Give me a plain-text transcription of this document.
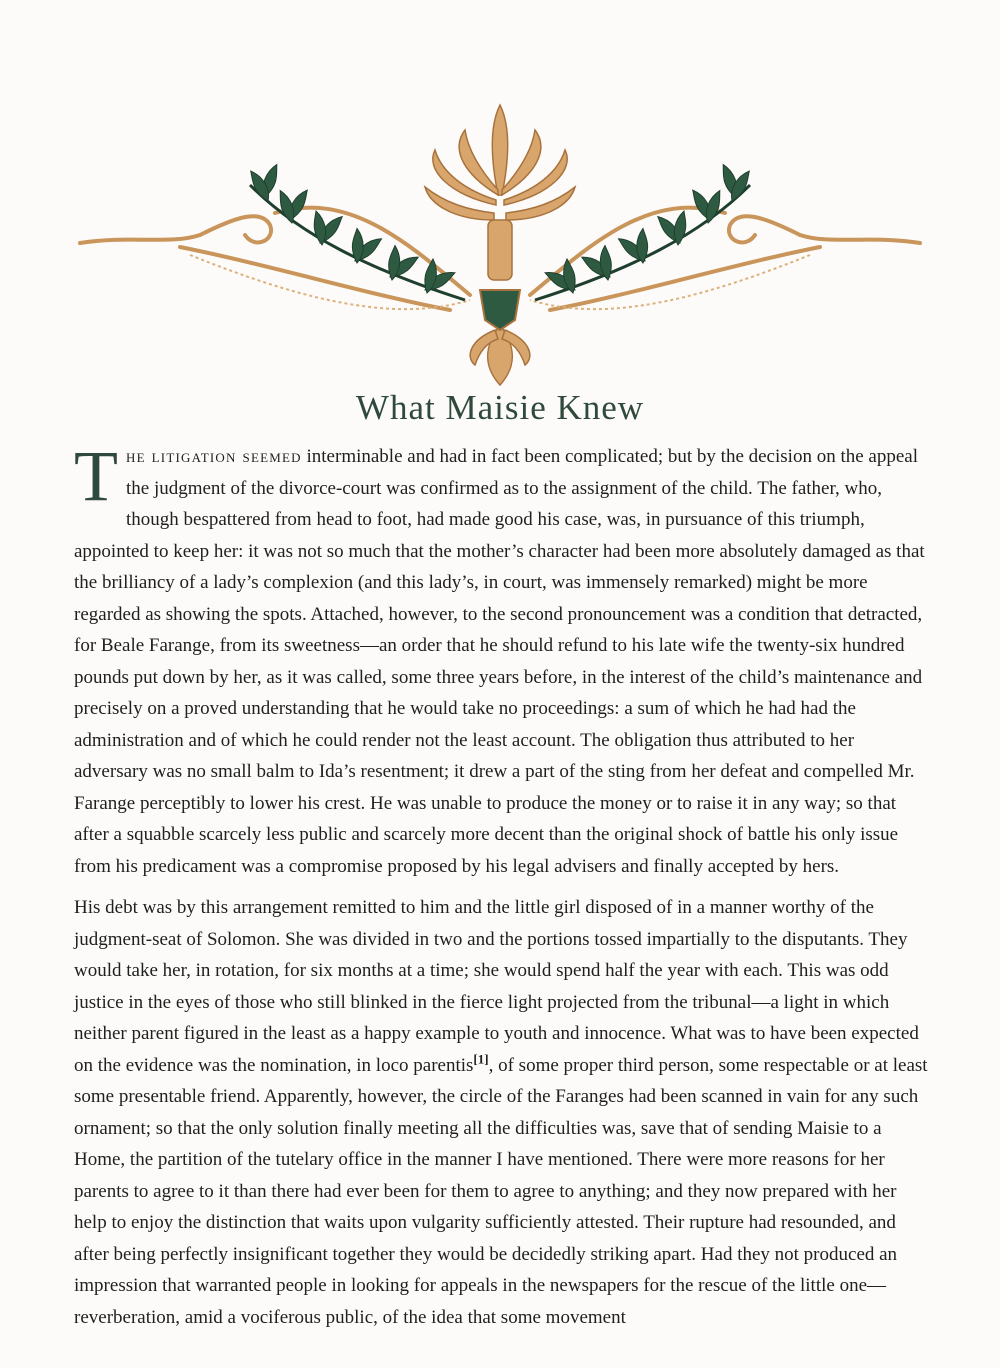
What Maisie Knew

The litigation seemed interminable and had in fact been complicated; but by the decision on the appeal the judgment of the divorce-court was confirmed as to the assignment of the child. The father, who, though bespattered from head to foot, had made good his case, was, in pursuance of this triumph, appointed to keep her: it was not so much that the mother’s character had been more absolutely damaged as that the brilliancy of a lady’s complexion (and this lady’s, in court, was immensely remarked) might be more regarded as showing the spots. Attached, however, to the second pronouncement was a condition that detracted, for Beale Farange, from its sweetness—an order that he should refund to his late wife the twenty-six hundred pounds put down by her, as it was called, some three years before, in the interest of the child’s maintenance and precisely on a proved understanding that he would take no proceedings: a sum of which he had had the administration and of which he could render not the least account. The obligation thus attributed to her adversary was no small balm to Ida’s resentment; it drew a part of the sting from her defeat and compelled Mr. Farange perceptibly to lower his crest. He was unable to produce the money or to raise it in any way; so that after a squabble scarcely less public and scarcely more decent than the original shock of battle his only issue from his predicament was a compromise proposed by his legal advisers and finally accepted by hers.

His debt was by this arrangement remitted to him and the little girl disposed of in a manner worthy of the judgment-seat of Solomon. She was divided in two and the portions tossed impartially to the disputants. They would take her, in rotation, for six months at a time; she would spend half the year with each. This was odd justice in the eyes of those who still blinked in the fierce light projected from the tribunal—a light in which neither parent figured in the least as a happy example to youth and innocence. What was to have been expected on the evidence was the nomination, in loco parentis[1], of some proper third person, some respectable or at least some presentable friend. Apparently, however, the circle of the Faranges had been scanned in vain for any such ornament; so that the only solution finally meeting all the difficulties was, save that of sending Maisie to a Home, the partition of the tutelary office in the manner I have mentioned. There were more reasons for her parents to agree to it than there had ever been for them to agree to anything; and they now prepared with her help to enjoy the distinction that waits upon vulgarity sufficiently attested. Their rupture had resounded, and after being perfectly insignificant together they would be decidedly striking apart. Had they not produced an impression that warranted people in looking for appeals in the newspapers for the rescue of the little one—reverberation, amid a vociferous public, of the idea that some movement
